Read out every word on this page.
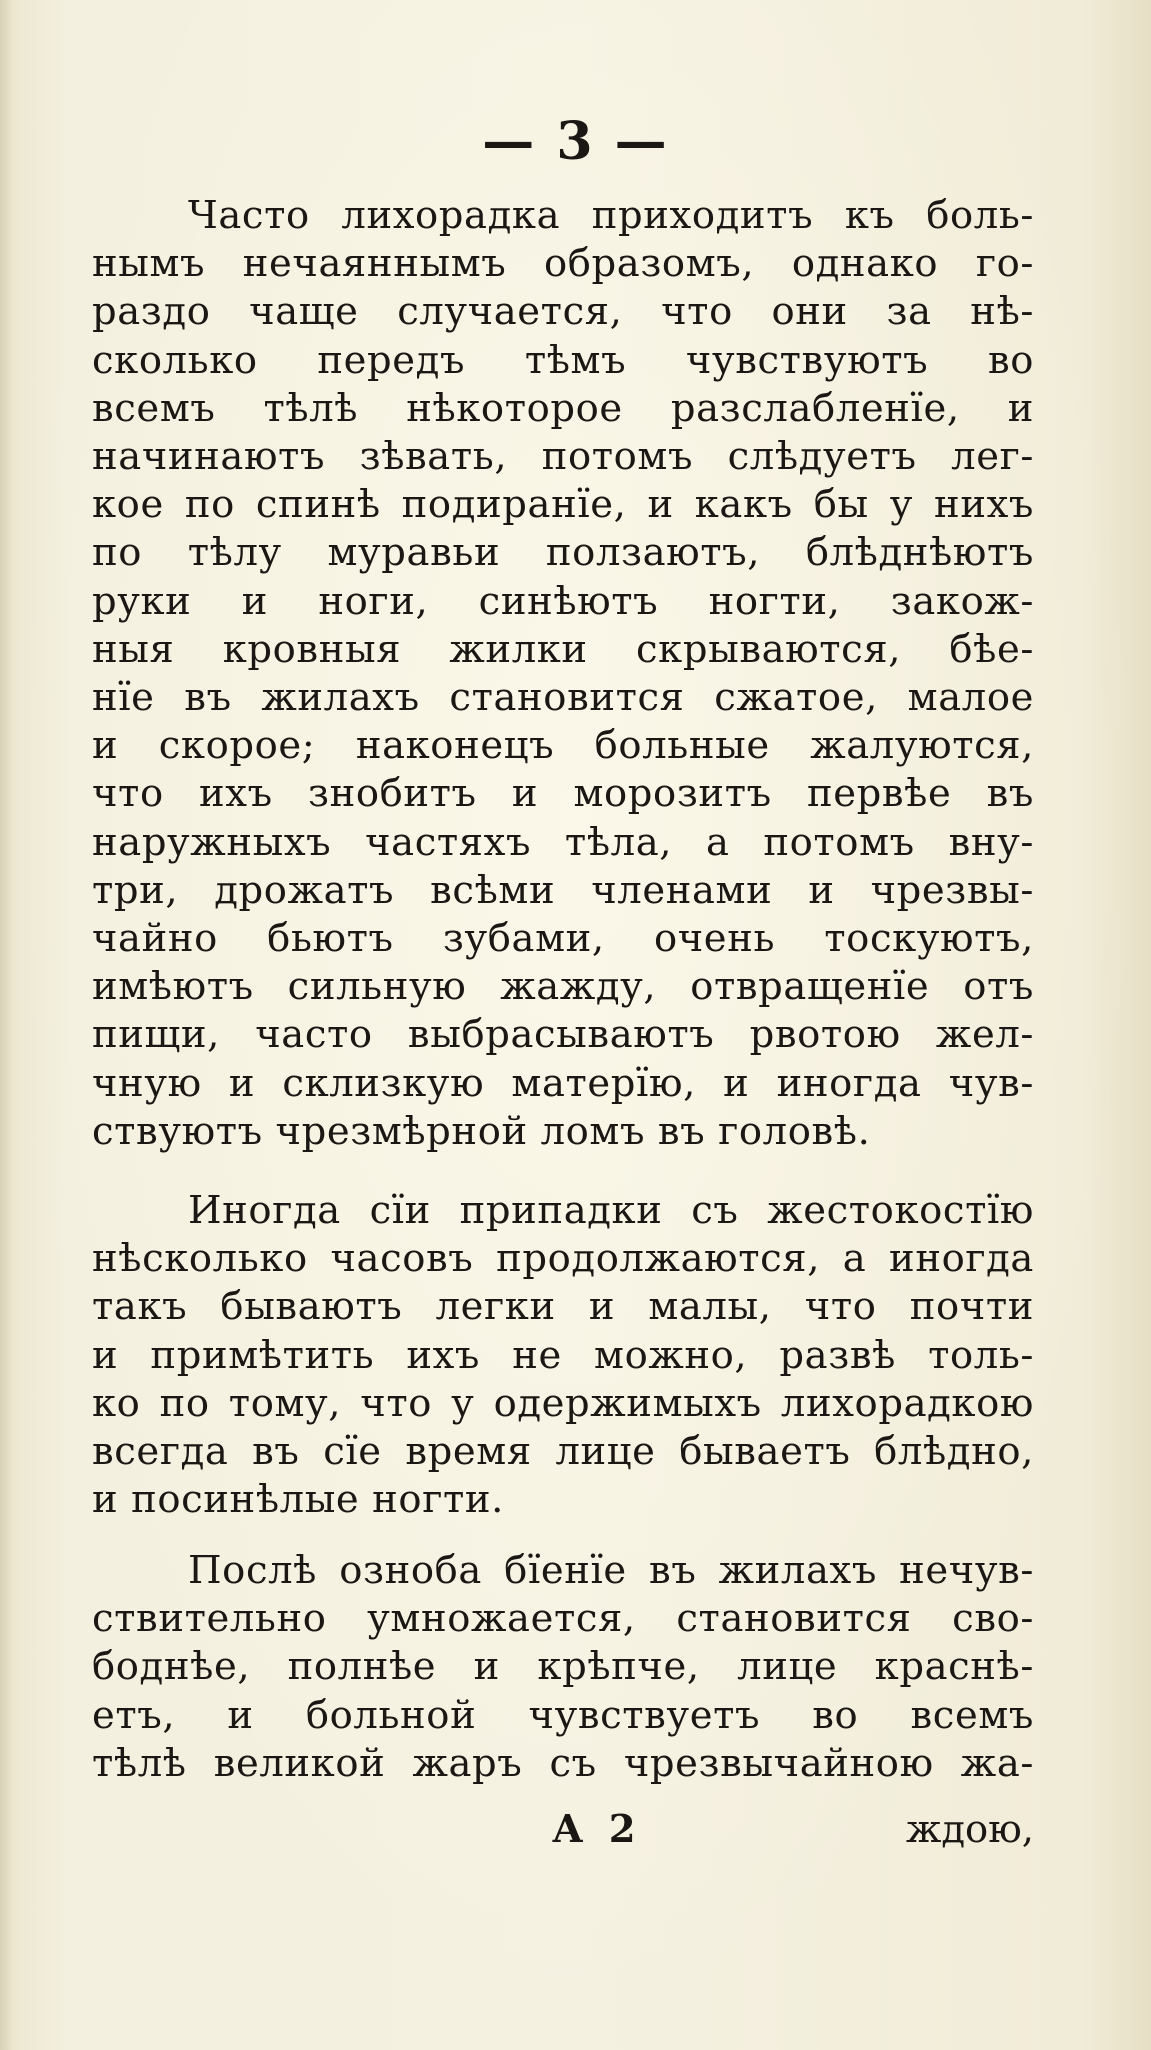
— 3 —
Часто лихорадка приходитъ къ боль-
нымъ нечаяннымъ образомъ, однако го-
раздо чаще случается, что они за нѣ-
сколько передъ тѣмъ чувствуютъ во
всемъ тѣлѣ нѣкоторое разслабленїе, и
начинаютъ зѣвать, потомъ слѣдуетъ лег-
кое по спинѣ подиранїе, и какъ бы у нихъ
по тѣлу муравьи ползаютъ, блѣднѣютъ
руки и ноги, синѣютъ ногти, закож-
ныя кровныя жилки скрываются, бѣе-
нїе въ жилахъ становится сжатое, малое
и скорое; наконецъ больные жалуются,
что ихъ знобитъ и морозитъ первѣе въ
наружныхъ частяхъ тѣла, а потомъ вну-
три, дрожатъ всѣми членами и чрезвы-
чайно бьютъ зубами, очень тоскуютъ,
имѣютъ сильную жажду, отвращенїе отъ
пищи, часто выбрасываютъ рвотою жел-
чную и склизкую матерїю, и иногда чув-
ствуютъ чрезмѣрной ломъ въ головѣ.
Иногда сїи припадки съ жестокостїю
нѣсколько часовъ продолжаются, а иногда
такъ бываютъ легки и малы, что почти
и примѣтить ихъ не можно, развѣ толь-
ко по тому, что у одержимыхъ лихорадкою
всегда въ сїе время лице бываетъ блѣдно,
и посинѣлые ногти.
Послѣ озноба бїенїе въ жилахъ нечув-
ствительно умножается, становится сво-
боднѣе, полнѣе и крѣпче, лице краснѣ-
етъ, и больной чувствуетъ во всемъ
тѣлѣ великой жаръ съ чрезвычайною жа-
А 2	ждою,
